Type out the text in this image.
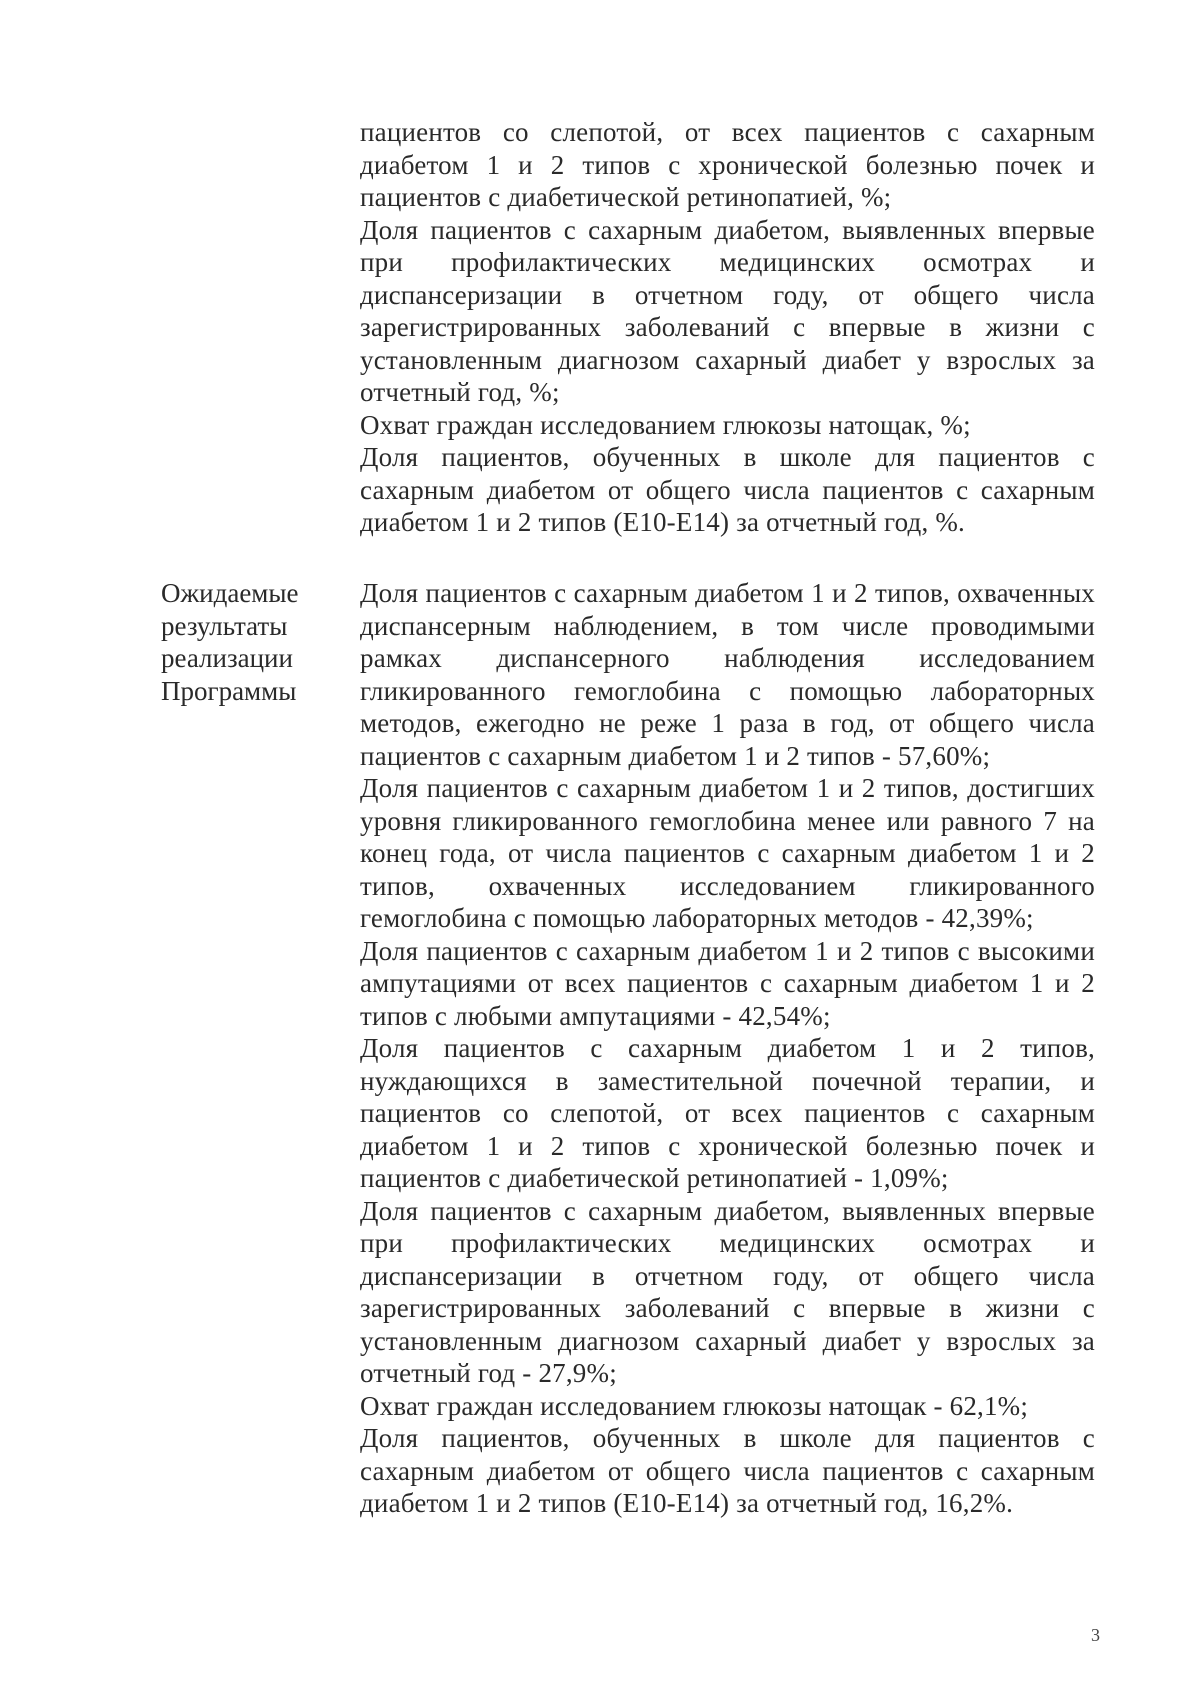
пациентов со слепотой, от всех пациентов с сахарным диабетом 1 и 2 типов с хронической болезнью почек и пациентов с диабетической ретинопатией, %;

Доля пациентов с сахарным диабетом, выявленных впервые при профилактических медицинских осмотрах и диспансеризации в отчетном году, от общего числа зарегистрированных заболеваний с впервые в жизни с установленным диагнозом сахарный диабет у взрослых за отчетный год, %;

Охват граждан исследованием глюкозы натощак, %;

Доля пациентов, обученных в школе для пациентов с сахарным диабетом от общего числа пациентов с сахарным диабетом 1 и 2 типов (Е10-Е14) за отчетный год, %.

Ожидаемые
результаты
реализации
Программы

Доля пациентов с сахарным диабетом 1 и 2 типов, охваченных диспансерным наблюдением, в том числе проводимыми рамках диспансерного наблюдения исследованием гликированного гемоглобина с помощью лабораторных методов, ежегодно не реже 1 раза в год, от общего числа пациентов с сахарным диабетом 1 и 2 типов - 57,60%;

Доля пациентов с сахарным диабетом 1 и 2 типов, достигших уровня гликированного гемоглобина менее или равного 7 на конец года, от числа пациентов с сахарным диабетом 1 и 2 типов, охваченных исследованием гликированного гемоглобина с помощью лабораторных методов - 42,39%;

Доля пациентов с сахарным диабетом 1 и 2 типов с высокими ампутациями от всех пациентов с сахарным диабетом 1 и 2 типов с любыми ампутациями - 42,54%;

Доля пациентов с сахарным диабетом 1 и 2 типов, нуждающихся в заместительной почечной терапии, и пациентов со слепотой, от всех пациентов с сахарным диабетом 1 и 2 типов с хронической болезнью почек и пациентов с диабетической ретинопатией - 1,09%;

Доля пациентов с сахарным диабетом, выявленных впервые при профилактических медицинских осмотрах и диспансеризации в отчетном году, от общего числа зарегистрированных заболеваний с впервые в жизни с установленным диагнозом сахарный диабет у взрослых за отчетный год - 27,9%;

Охват граждан исследованием глюкозы натощак - 62,1%;

Доля пациентов, обученных в школе для пациентов с сахарным диабетом от общего числа пациентов с сахарным диабетом 1 и 2 типов (Е10-Е14) за отчетный год, 16,2%.

3
